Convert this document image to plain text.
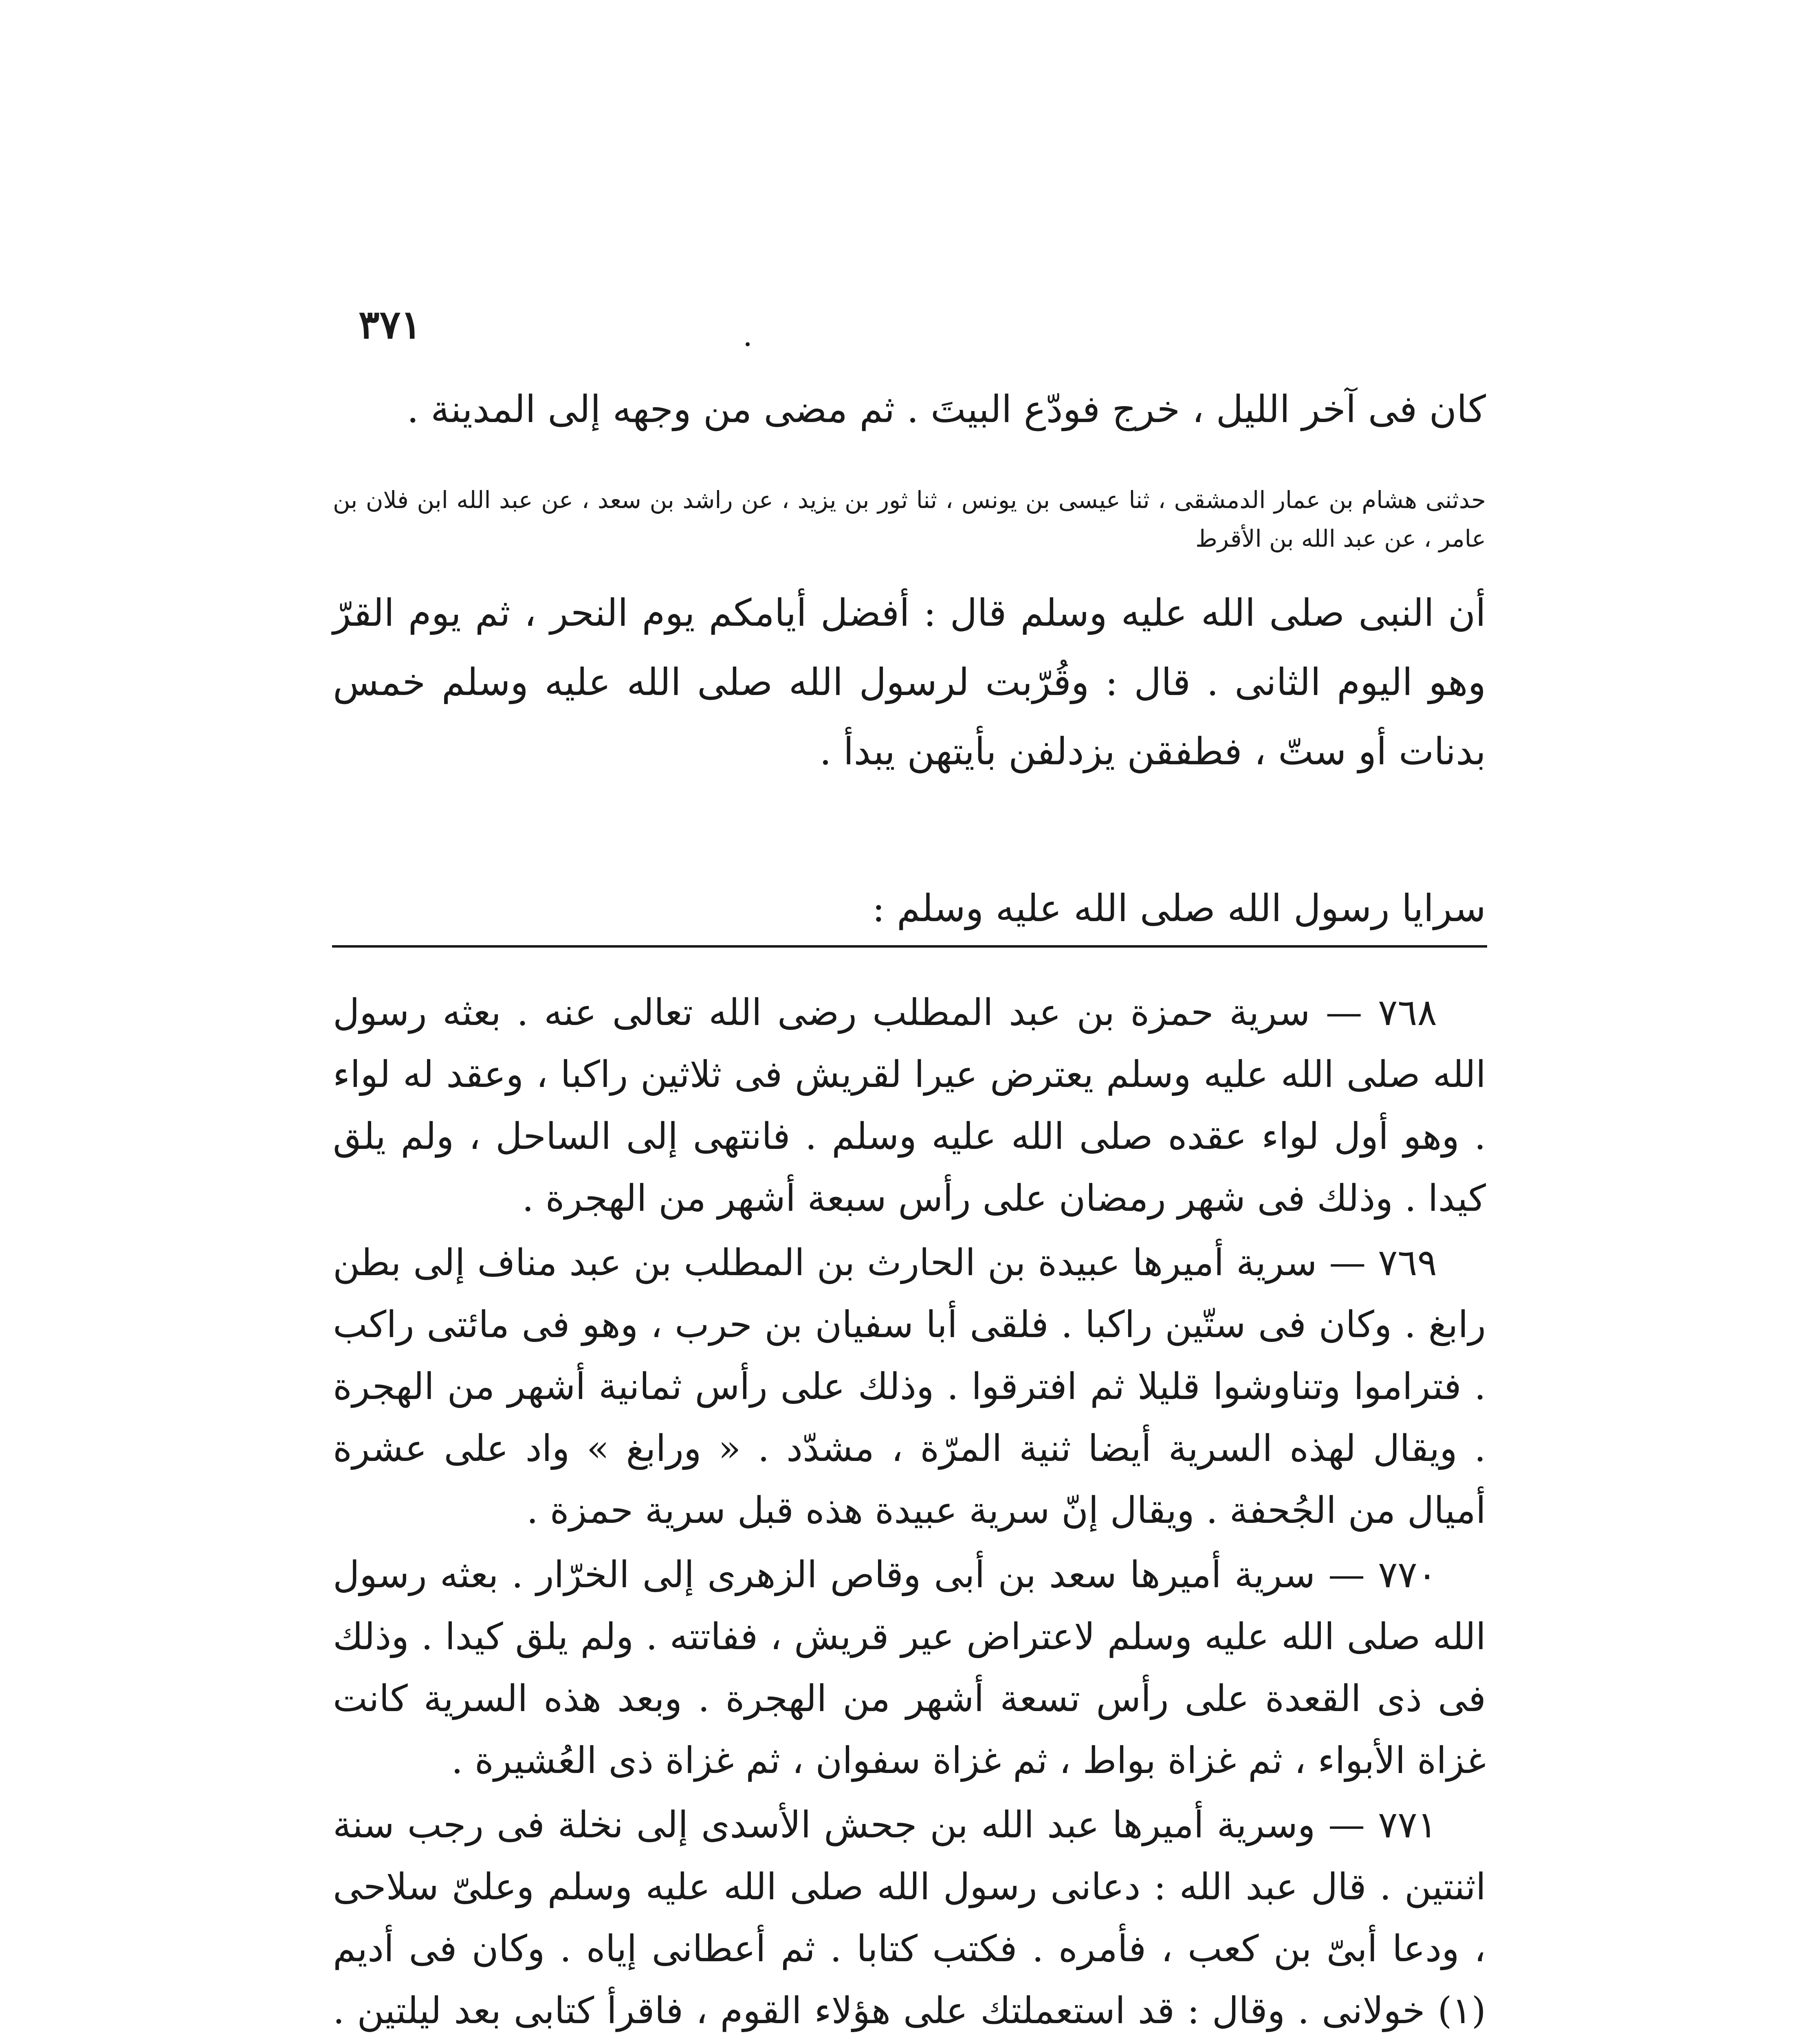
٣٧١
كان فى آخر الليل ، خرج فودّع البيتَ . ثم مضى من وجهه إلى المدينة .
حدثنى هشام بن عمار الدمشقى ، ثنا عيسى بن يونس ، ثنا ثور بن يزيد ، عن راشد بن سعد ، عن عبد الله ابن فلان بن عامر ، عن عبد الله بن الأقرط
أن النبى صلى الله عليه وسلم قال : أفضل أيامكم يوم النحر ، ثم يوم القرّ وهو اليوم الثانى . قال : وقُرّبت لرسول الله صلى الله عليه وسلم خمس بدنات أو ستّ ، فطفقن يزدلفن بأيتهن يبدأ .
سرايا رسول الله صلى الله عليه وسلم :

٧٦٨ — سرية حمزة بن عبد المطلب رضى الله تعالى عنه . بعثه رسول الله صلى الله عليه وسلم يعترض عيرا لقريش فى ثلاثين راكبا ، وعقد له لواء . وهو أول لواء عقده صلى الله عليه وسلم . فانتهى إلى الساحل ، ولم يلق كيدا . وذلك فى شهر رمضان على رأس سبعة أشهر من الهجرة .

٧٦٩ — سرية أميرها عبيدة بن الحارث بن المطلب بن عبد مناف إلى بطن رابغ . وكان فى ستّين راكبا . فلقى أبا سفيان بن حرب ، وهو فى مائتى راكب . فتراموا وتناوشوا قليلا ثم افترقوا . وذلك على رأس ثمانية أشهر من الهجرة . ويقال لهذه السرية أيضا ثنية المرّة ، مشدّد . « ورابغ » واد على عشرة أميال من الجُحفة . ويقال إنّ سرية عبيدة هذه قبل سرية حمزة .

٧٧٠ — سرية أميرها سعد بن أبى وقاص الزهرى إلى الخرّار . بعثه رسول الله صلى الله عليه وسلم لاعتراض عير قريش ، ففاتته . ولم يلق كيدا . وذلك فى ذى القعدة على رأس تسعة أشهر من الهجرة . وبعد هذه السرية كانت غزاة الأبواء ، ثم غزاة بواط ، ثم غزاة سفوان ، ثم غزاة ذى العُشيرة .

٧٧١ — وسرية أميرها عبد الله بن جحش الأسدى إلى نخلة فى رجب سنة اثنتين . قال عبد الله : دعانى رسول الله صلى الله عليه وسلم وعلىّ سلاحى ، ودعا أبىّ بن كعب ، فأمره . فكتب كتابا . ثم أعطانى إياه . وكان فى أديم (١) خولانى . وقال : قد استعملتك على هؤلاء القوم ، فاقرأ كتابى بعد ليلتين .
